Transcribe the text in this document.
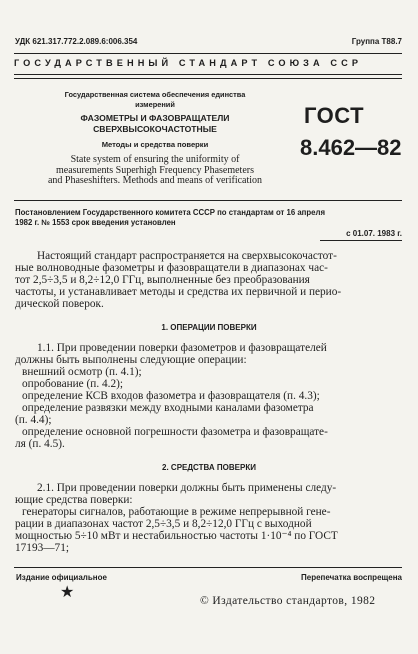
УДК 621.317.772.2.089.6:006.354	Группа Т88.7
ГОСУДАРСТВЕННЫЙ СТАНДАРТ СОЮЗА ССР
Государственная система обеспечения единства
измерений
ФАЗОМЕТРЫ И ФАЗОВРАЩАТЕЛИ
СВЕРХВЫСОКОЧАСТОТНЫЕ
Методы и средства поверки
State system of ensuring the uniformity of
measurements Superhigh Frequency Phasemeters
and Phaseshifters. Methods and means of verification
ГОСТ
8.462—82
Постановлением Государственного комитета СССР по стандартам от 16 апреля
1982 г. № 1553 срок введения установлен
с 01.07. 1983 г.
Настоящий стандарт распространяется на сверхвысокочастот-
ные волноводные фазометры и фазовращатели в диапазонах час-
тот 2,5÷3,5 и 8,2÷12,0 ГГц, выполненные без преобразования
частоты, и устанавливает методы и средства их первичной и перио-
дической поверок.
1. ОПЕРАЦИИ ПОВЕРКИ
1.1. При проведении поверки фазометров и фазовращателей
должны быть выполнены следующие операции:
внешний осмотр (п. 4.1);
опробование (п. 4.2);
определение КСВ входов фазометра и фазовращателя (п. 4.3);
определение развязки между входными каналами фазометра
(п. 4.4);
определение основной погрешности фазометра и фазовращате-
ля (п. 4.5).
2. СРЕДСТВА ПОВЕРКИ
2.1. При проведении поверки должны быть применены следу-
ющие средства поверки:
генераторы сигналов, работающие в режиме непрерывной гене-
рации в диапазонах частот 2,5÷3,5 и 8,2÷12,0 ГГц с выходной
мощностью 5÷10 мВт и нестабильностью частоты 1·10⁻⁴ по ГОСТ
17193—71;
Издание официальное	Перепечатка воспрещена
★	© Издательство стандартов, 1982
